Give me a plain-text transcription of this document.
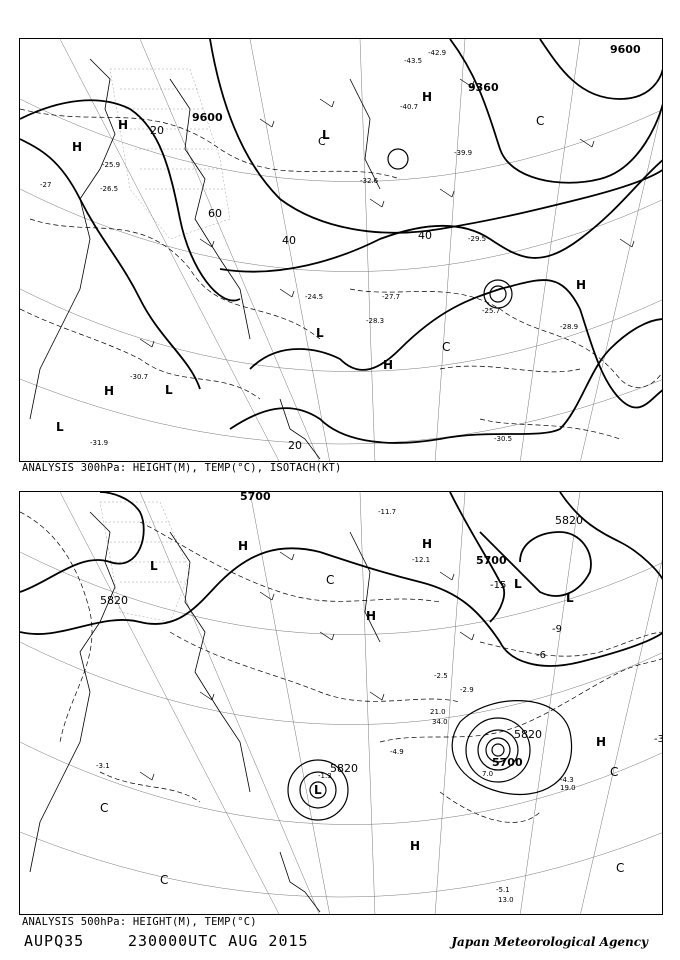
9600
9360
9600
20
40
60
40
20
C
H
H
H
L
L
L
C
H
H
L
C
H
-25.9
-27	-26.5
-28.3
-25.7
-28.9
-30.5
-30.7
-31.9
-42.9
-43.5
-40.7
-39.9
-32.6
-29.5
-24.5	-27.7
ANALYSIS 300hPa: HEIGHT(M), TEMP(°C), ISOTACH(KT)
5700
5820
5700
5820
5820
5820
5700
H
L
H
L
L
H
L
C
H
C
C
H
C
C
-11.7
-12.1
-6
-9
-3
-15
-4.9
-5.1
-4.3
-2.5
-2.9
-3.1
-1.3
19.0
13.0
7.0
21.0
34.0
ANALYSIS 500hPa: HEIGHT(M), TEMP(°C)
AUPQ35	230000UTC AUG 2015	Japan Meteorological Agency
